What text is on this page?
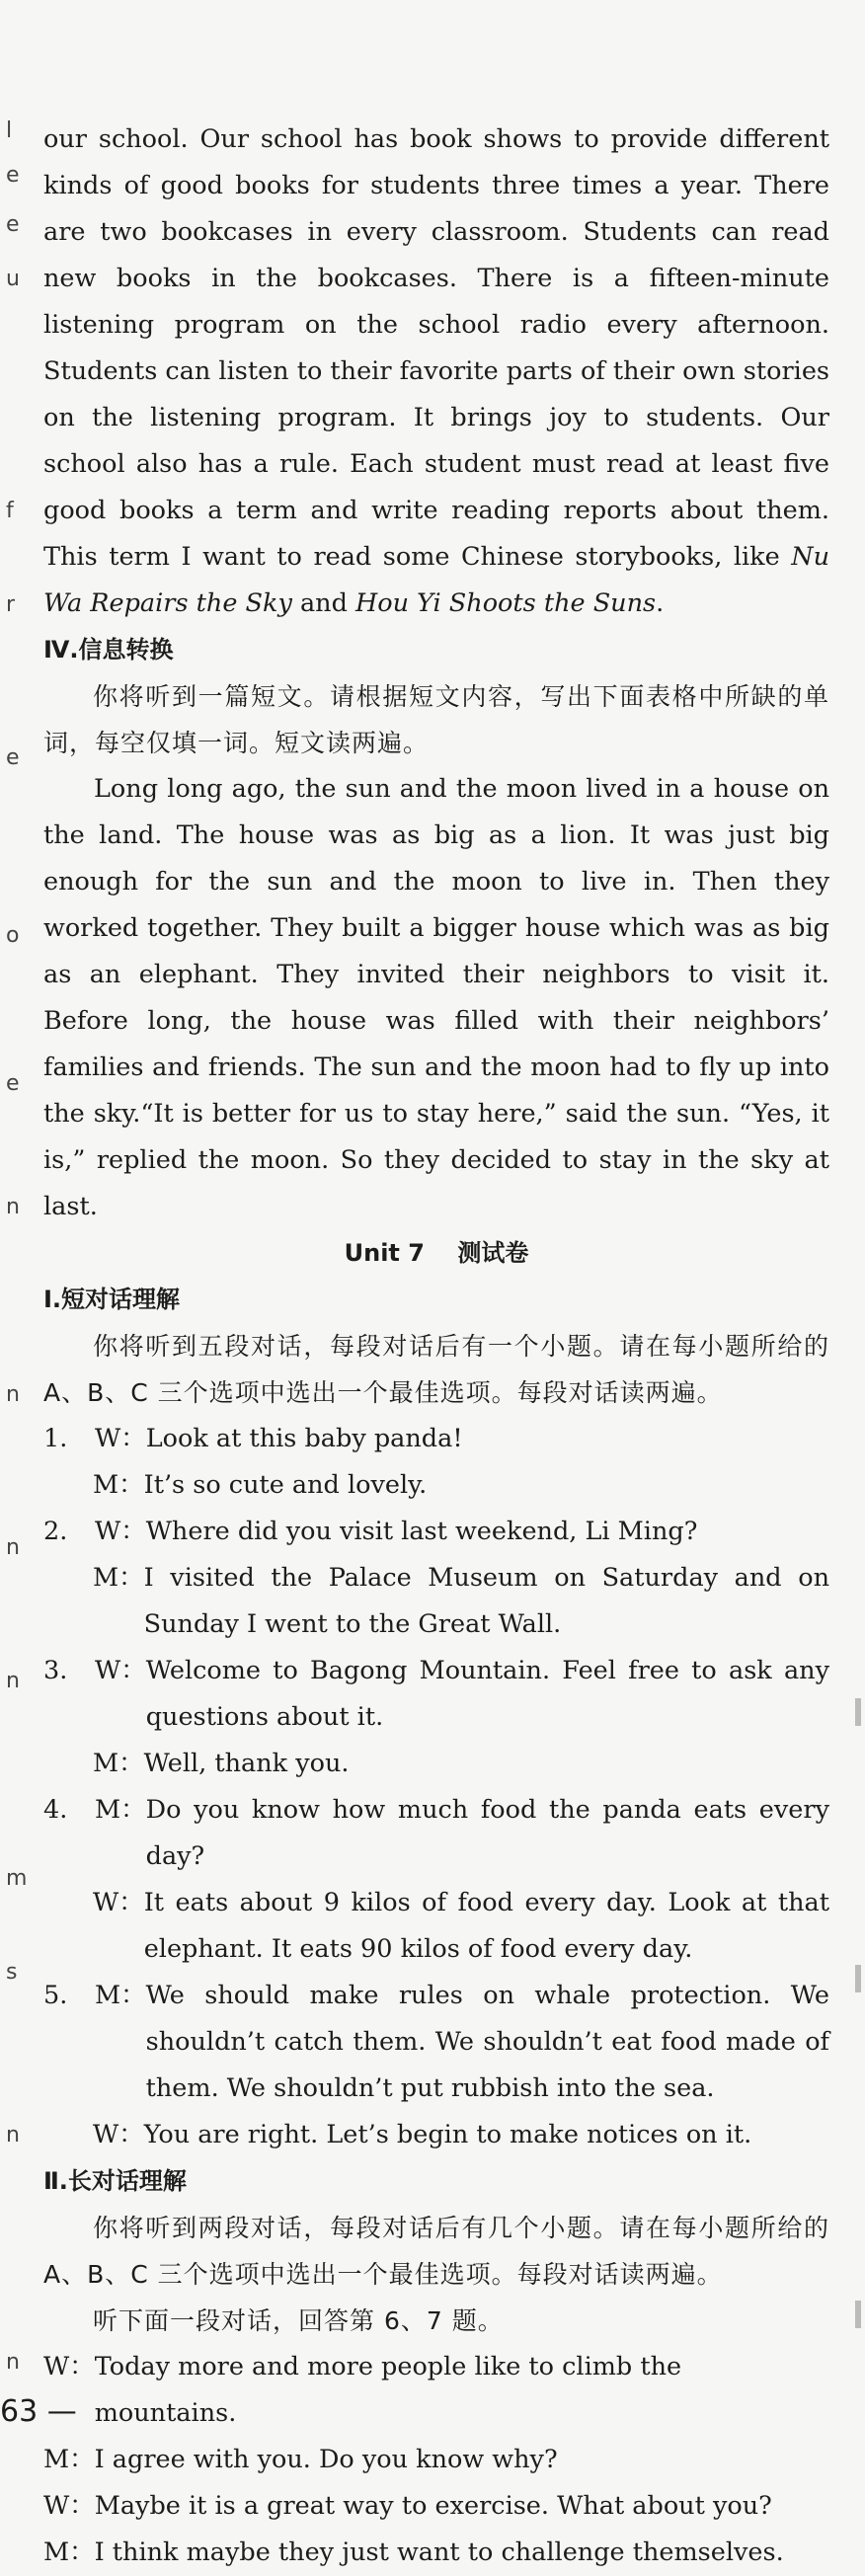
l
e
e
u
f
r
e
o
e
n
n
n
n
m
s
n
n

our school. Our school has book shows to provide different kinds of good books for students three times a year. There are two bookcases in every classroom. Students can read new books in the bookcases. There is a fifteen-minute listening program on the school radio every afternoon. Students can listen to their favorite parts of their own stories on the listening program. It brings joy to students. Our school also has a rule. Each student must read at least five good books a term and write reading reports about them. This term I want to read some Chinese storybooks, like Nu Wa Repairs the Sky and Hou Yi Shoots the Suns.

Ⅳ.信息转换

你将听到一篇短文。请根据短文内容，写出下面表格中所缺的单词，每空仅填一词。短文读两遍。

Long long ago, the sun and the moon lived in a house on the land. The house was as big as a lion. It was just big enough for the sun and the moon to live in. Then they worked together. They built a bigger house which was as big as an elephant. They invited their neighbors to visit it. Before long, the house was filled with their neighbors’ families and friends. The sun and the moon had to fly up into the sky.“It is better for us to stay here,” said the sun. “Yes, it is,” replied the moon. So they decided to stay in the sky at last.

Unit 7    测试卷

Ⅰ.短对话理解

你将听到五段对话，每段对话后有一个小题。请在每小题所给的 A、B、C 三个选项中选出一个最佳选项。每段对话读两遍。

1.	W： Look at this baby panda!
M： It’s so cute and lovely.
2.	W： Where did you visit last weekend, Li Ming?
M： I visited the Palace Museum on Saturday and on Sunday I went to the Great Wall.
3.	W： Welcome to Bagong Mountain. Feel free to ask any questions about it.
M： Well, thank you.
4.	M： Do you know how much food the panda eats every day?
W： It eats about 9 kilos of food every day. Look at that elephant. It eats 90 kilos of food every day.
5.	M： We should make rules on whale protection. We shouldn’t catch them. We shouldn’t eat food made of them. We shouldn’t put rubbish into the sea.
W： You are right. Let’s begin to make notices on it.

Ⅱ.长对话理解

你将听到两段对话，每段对话后有几个小题。请在每小题所给的 A、B、C 三个选项中选出一个最佳选项。每段对话读两遍。

听下面一段对话，回答第 6、7 题。

W： Today more and more people like to climb the mountains.
M： I agree with you. Do you know why?
W： Maybe it is a great way to exercise. What about you?
M： I think maybe they just want to challenge themselves.
63 —
